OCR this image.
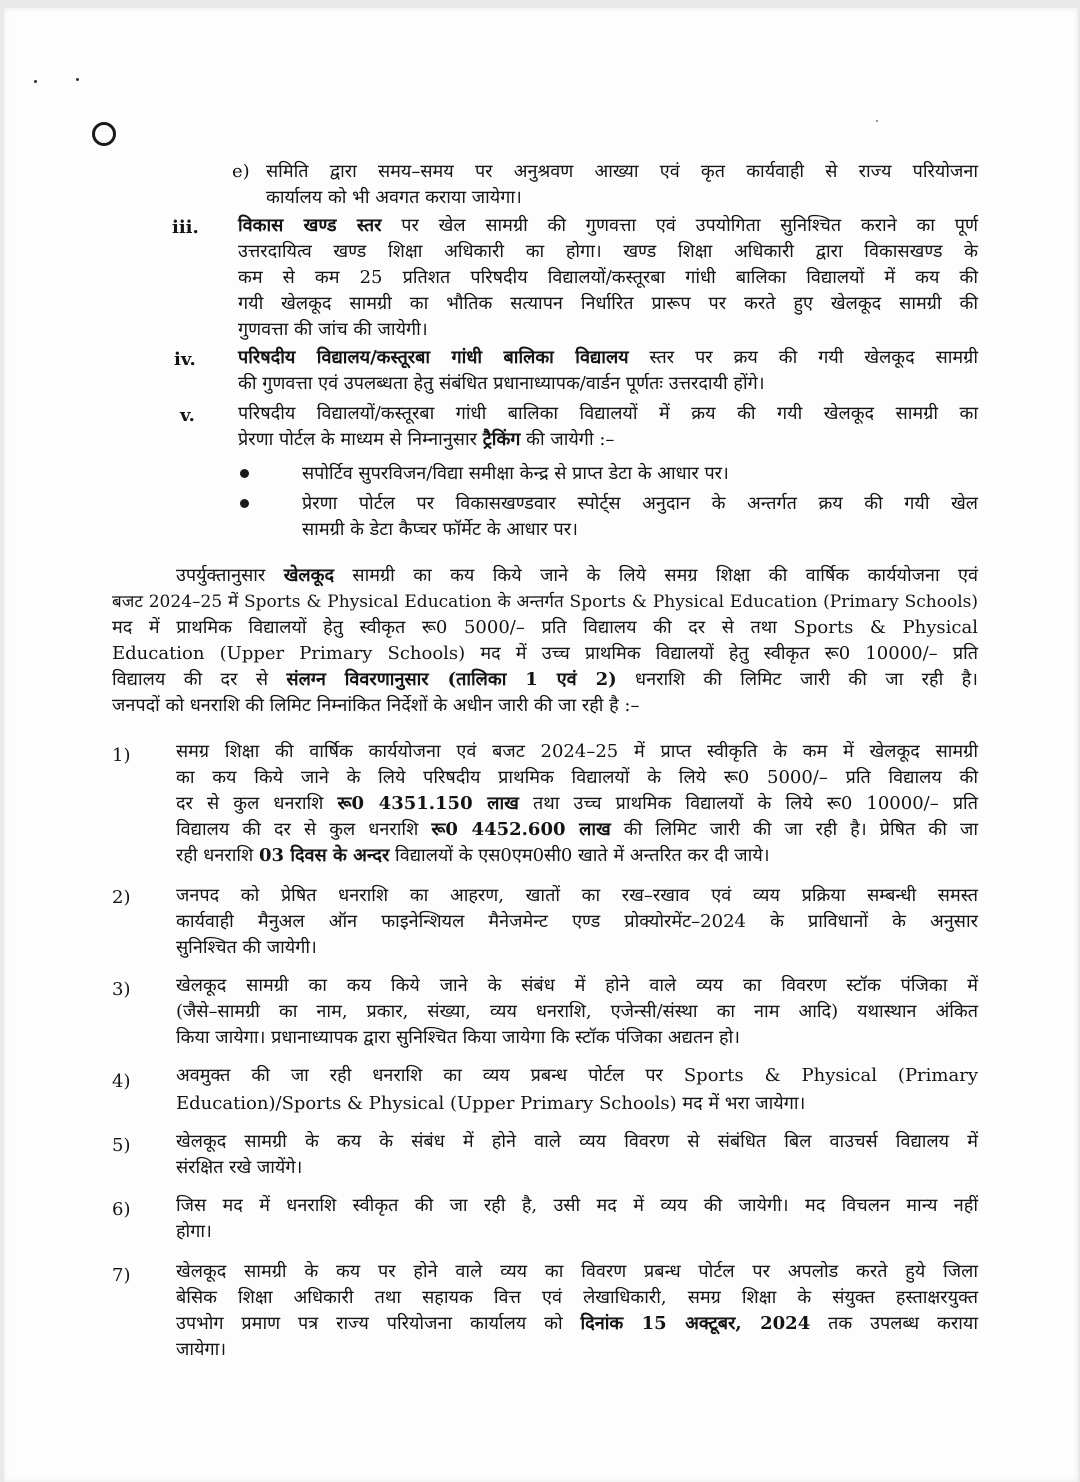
e) समिति द्वारा समय–समय पर अनुश्रवण आख्या एवं कृत कार्यवाही से राज्य परियोजना
कार्यालय को भी अवगत कराया जायेगा।
iii. विकास खण्ड स्तर पर खेल सामग्री की गुणवत्ता एवं उपयोगिता सुनिश्चित कराने का पूर्ण
उत्तरदायित्व खण्ड शिक्षा अधिकारी का होगा। खण्ड शिक्षा अधिकारी द्वारा विकासखण्ड के
कम से कम 25 प्रतिशत परिषदीय विद्यालयों/कस्तूरबा गांधी बालिका विद्यालयों में कय की
गयी खेलकूद सामग्री का भौतिक सत्यापन निर्धारित प्रारूप पर करते हुए खेलकूद सामग्री की
गुणवत्ता की जांच की जायेगी।
iv. परिषदीय विद्यालय/कस्तूरबा गांधी बालिका विद्यालय स्तर पर क्रय की गयी खेलकूद सामग्री
की गुणवत्ता एवं उपलब्धता हेतु संबंधित प्रधानाध्यापक/वार्डन पूर्णतः उत्तरदायी होंगे।
v. परिषदीय विद्यालयों/कस्तूरबा गांधी बालिका विद्यालयों में क्रय की गयी खेलकूद सामग्री का
प्रेरणा पोर्टल के माध्यम से निम्नानुसार ट्रैकिंग की जायेगी :–
सपोर्टिव सुपरविजन/विद्या समीक्षा केन्द्र से प्राप्त डेटा के आधार पर।
प्रेरणा पोर्टल पर विकासखण्डवार स्पोर्ट्स अनुदान के अन्तर्गत क्रय की गयी खेल
सामग्री के डेटा कैप्चर फॉर्मेट के आधार पर।
उपर्युक्तानुसार खेलकूद सामग्री का कय किये जाने के लिये समग्र शिक्षा की वार्षिक कार्ययोजना एवं
बजट 2024–25 में Sports & Physical Education के अन्तर्गत Sports & Physical Education (Primary Schools)
मद में प्राथमिक विद्यालयों हेतु स्वीकृत रू0 5000/– प्रति विद्यालय की दर से तथा Sports & Physical
Education (Upper Primary Schools) मद में उच्च प्राथमिक विद्यालयों हेतु स्वीकृत रू0 10000/– प्रति
विद्यालय की दर से संलग्न विवरणानुसार (तालिका 1 एवं 2) धनराशि की लिमिट जारी की जा रही है।
जनपदों को धनराशि की लिमिट निम्नांकित निर्देशों के अधीन जारी की जा रही है :–
1)	समग्र शिक्षा की वार्षिक कार्ययोजना एवं बजट 2024–25 में प्राप्त स्वीकृति के कम में खेलकूद सामग्री
का कय किये जाने के लिये परिषदीय प्राथमिक विद्यालयों के लिये रू0 5000/– प्रति विद्यालय की
दर से कुल धनराशि रू0 4351.150 लाख तथा उच्च प्राथमिक विद्यालयों के लिये रू0 10000/– प्रति
विद्यालय की दर से कुल धनराशि रू0 4452.600 लाख की लिमिट जारी की जा रही है। प्रेषित की जा
रही धनराशि 03 दिवस के अन्दर विद्यालयों के एस0एम0सी0 खाते में अन्तरित कर दी जाये।
2)	जनपद को प्रेषित धनराशि का आहरण, खातों का रख–रखाव एवं व्यय प्रक्रिया सम्बन्धी समस्त
कार्यवाही मैनुअल ऑन फाइनेन्शियल मैनेजमेन्ट एण्ड प्रोक्योरमेंट–2024 के प्राविधानों के अनुसार
सुनिश्चित की जायेगी।
3)	खेलकूद सामग्री का कय किये जाने के संबंध में होने वाले व्यय का विवरण स्टॉक पंजिका में
(जैसे–सामग्री का नाम, प्रकार, संख्या, व्यय धनराशि, एजेन्सी/संस्था का नाम आदि) यथास्थान अंकित
किया जायेगा। प्रधानाध्यापक द्वारा सुनिश्चित किया जायेगा कि स्टॉक पंजिका अद्यतन हो।
4)	अवमुक्त की जा रही धनराशि का व्यय प्रबन्ध पोर्टल पर Sports & Physical (Primary
Education)/Sports & Physical (Upper Primary Schools) मद में भरा जायेगा।
5)	खेलकूद सामग्री के कय के संबंध में होने वाले व्यय विवरण से संबंधित बिल वाउचर्स विद्यालय में
संरक्षित रखे जायेंगे।
6)	जिस मद में धनराशि स्वीकृत की जा रही है, उसी मद में व्यय की जायेगी। मद विचलन मान्य नहीं
होगा।
7)	खेलकूद सामग्री के कय पर होने वाले व्यय का विवरण प्रबन्ध पोर्टल पर अपलोड करते हुये जिला
बेसिक शिक्षा अधिकारी तथा सहायक वित्त एवं लेखाधिकारी, समग्र शिक्षा के संयुक्त हस्ताक्षरयुक्त
उपभोग प्रमाण पत्र राज्य परियोजना कार्यालय को दिनांक 15 अक्टूबर, 2024 तक उपलब्ध कराया
जायेगा।
